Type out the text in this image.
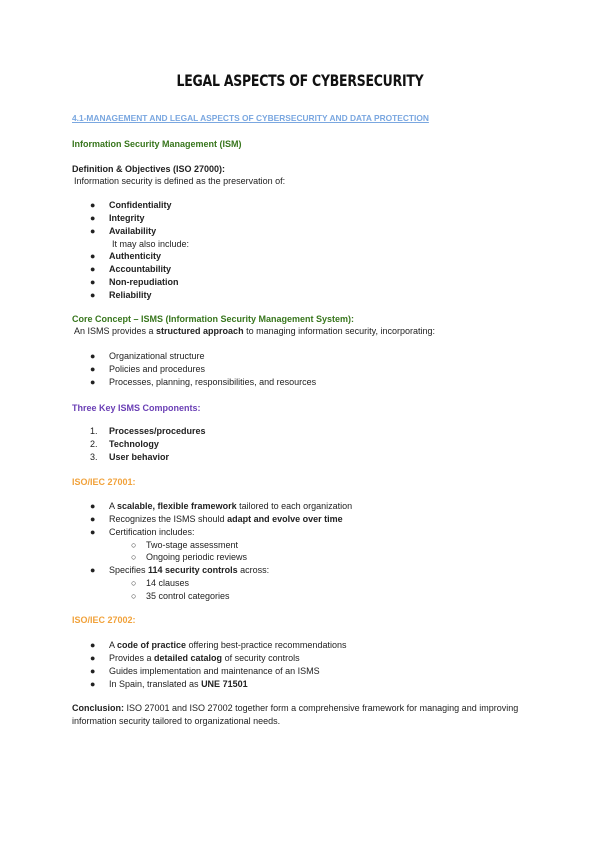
LEGAL ASPECTS OF CYBERSECURITY
4.1-MANAGEMENT AND LEGAL ASPECTS OF CYBERSECURITY AND DATA PROTECTION
Information Security Management (ISM)
Definition & Objectives (ISO 27000):
Information security is defined as the preservation of:
● Confidentiality
● Integrity
● Availability
It may also include:
● Authenticity
● Accountability
● Non-repudiation
● Reliability
Core Concept – ISMS (Information Security Management System):
An ISMS provides a structured approach to managing information security, incorporating:
● Organizational structure
● Policies and procedures
● Processes, planning, responsibilities, and resources
Three Key ISMS Components:
1. Processes/procedures
2. Technology
3. User behavior
ISO/IEC 27001:
● A scalable, flexible framework tailored to each organization
● Recognizes the ISMS should adapt and evolve over time
● Certification includes:
○ Two-stage assessment
○ Ongoing periodic reviews
● Specifies 114 security controls across:
○ 14 clauses
○ 35 control categories
ISO/IEC 27002:
● A code of practice offering best-practice recommendations
● Provides a detailed catalog of security controls
● Guides implementation and maintenance of an ISMS
● In Spain, translated as UNE 71501
Conclusion: ISO 27001 and ISO 27002 together form a comprehensive framework for managing and improving information security tailored to organizational needs.
